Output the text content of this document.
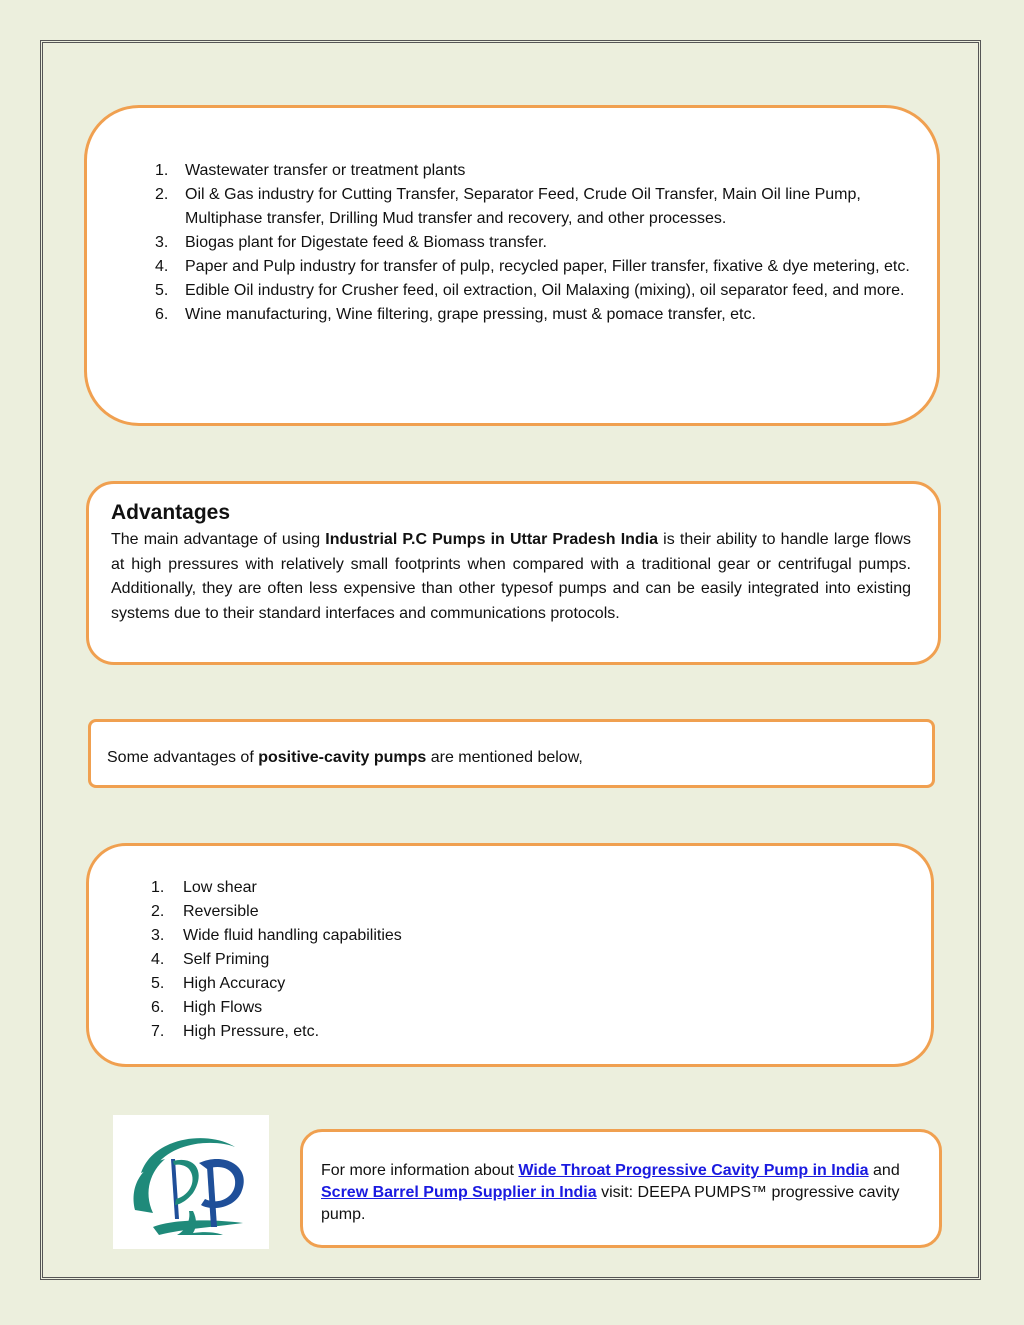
1. Wastewater transfer or treatment plants
2. Oil & Gas industry for Cutting Transfer, Separator Feed, Crude Oil Transfer, Main Oil line Pump, Multiphase transfer, Drilling Mud transfer and recovery, and other processes.
3. Biogas plant for Digestate feed & Biomass transfer.
4. Paper and Pulp industry for transfer of pulp, recycled paper, Filler transfer, fixative & dye metering, etc.
5. Edible Oil industry for Crusher feed, oil extraction, Oil Malaxing (mixing), oil separator feed, and more.
6. Wine manufacturing, Wine filtering, grape pressing, must & pomace transfer, etc.
Advantages

The main advantage of using Industrial P.C Pumps in Uttar Pradesh India is their ability to handle large flows at high pressures with relatively small footprints when compared with a traditional gear or centrifugal pumps. Additionally, they are often less expensive than other typesof pumps and can be easily integrated into existing systems due to their standard interfaces and communications protocols.

Some advantages of positive-cavity pumps are mentioned below,

1. Low shear
2. Reversible
3. Wide fluid handling capabilities
4. Self Priming
5. High Accuracy
6. High Flows
7. High Pressure, etc.

For more information about Wide Throat Progressive Cavity Pump in India and Screw Barrel Pump Supplier in India visit: DEEPA PUMPS™ progressive cavity pump.
